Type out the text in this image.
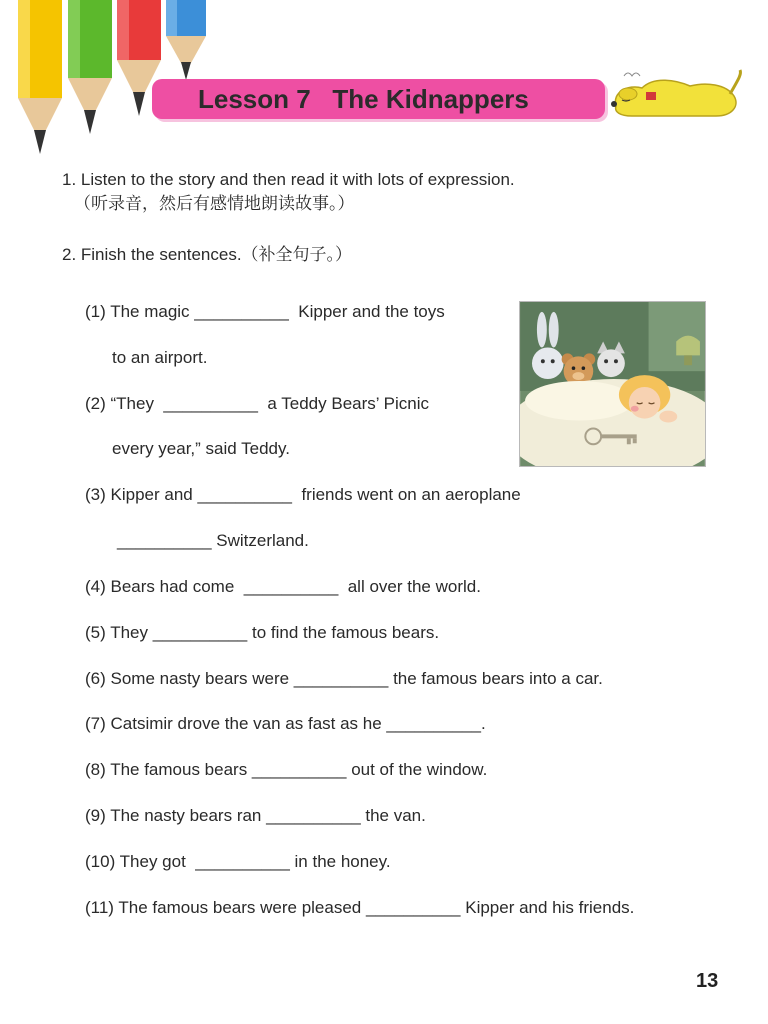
Lesson 7   The Kidnappers
1. Listen to the story and then read it with lots of expression.
（听录音，然后有感情地朗读故事。）
2. Finish the sentences.（补全句子。）
(1) The magic __________  Kipper and the toys
to an airport.
(2) “They  __________  a Teddy Bears’ Picnic
every year,” said Teddy.
(3) Kipper and __________  friends went on an aeroplane
__________ Switzerland.
(4) Bears had come  __________  all over the world.
(5) They __________ to find the famous bears.
(6) Some nasty bears were __________ the famous bears into a car.
(7) Catsimir drove the van as fast as he __________.
(8) The famous bears __________ out of the window.
(9) The nasty bears ran __________ the van.
(10) They got  __________ in the honey.
(11) The famous bears were pleased __________ Kipper and his friends.
13
